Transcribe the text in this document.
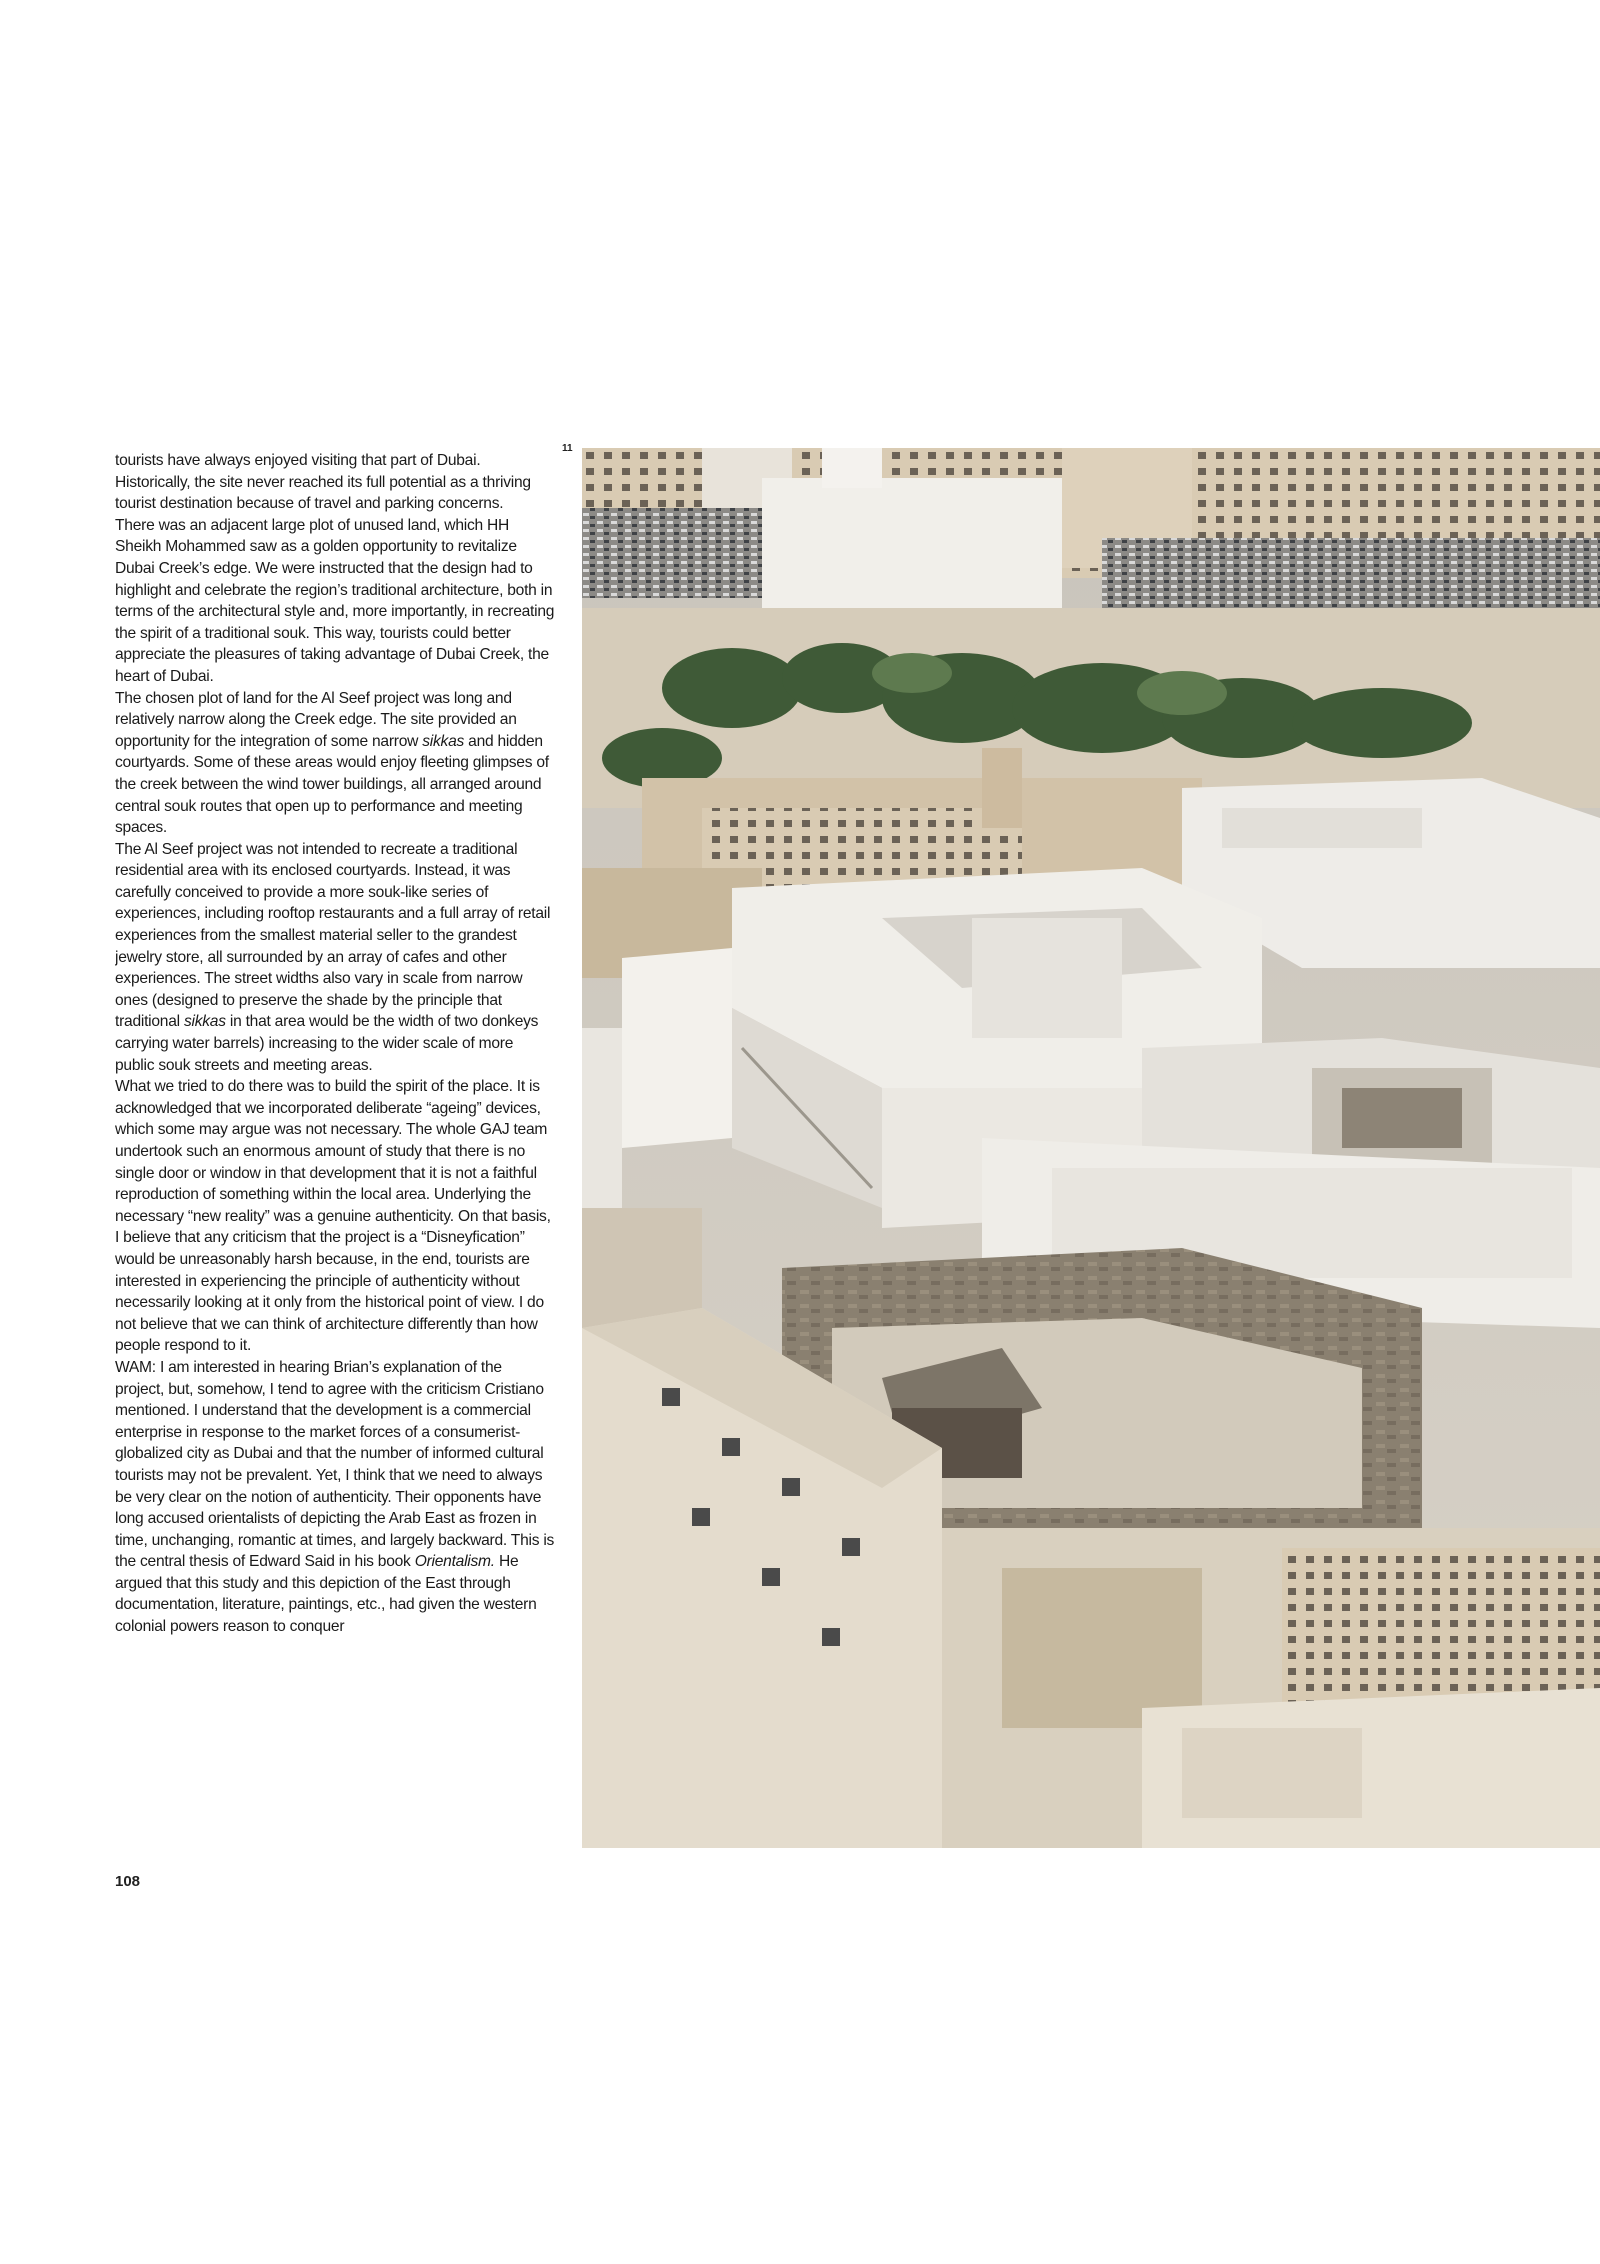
tourists have always enjoyed visiting that part of Dubai. Historically, the site never reached its full potential as a thriving tourist destination because of travel and parking concerns.

There was an adjacent large plot of unused land, which HH Sheikh Mohammed saw as a golden opportunity to revitalize Dubai Creek’s edge. We were instructed that the design had to highlight and celebrate the region’s traditional architecture, both in terms of the architectural style and, more importantly, in recreating the spirit of a traditional souk. This way, tourists could better appreciate the pleasures of taking advantage of Dubai Creek, the heart of Dubai.

The chosen plot of land for the Al Seef project was long and relatively narrow along the Creek edge. The site provided an opportunity for the integration of some narrow sikkas and hidden courtyards. Some of these areas would enjoy fleeting glimpses of the creek between the wind tower buildings, all arranged around central souk routes that open up to performance and meeting spaces.

The Al Seef project was not intended to recreate a traditional residential area with its enclosed courtyards. Instead, it was carefully conceived to provide a more souk-like series of experiences, including rooftop restaurants and a full array of retail experiences from the smallest material seller to the grandest jewelry store, all surrounded by an array of cafes and other experiences. The street widths also vary in scale from narrow ones (designed to preserve the shade by the principle that traditional sikkas in that area would be the width of two donkeys carrying water barrels) increasing to the wider scale of more public souk streets and meeting areas.

What we tried to do there was to build the spirit of the place. It is acknowledged that we incorporated deliberate “ageing” devices, which some may argue was not necessary. The whole GAJ team undertook such an enormous amount of study that there is no single door or window in that development that it is not a faithful reproduction of something within the local area. Underlying the necessary “new reality” was a genuine authenticity. On that basis, I believe that any criticism that the project is a “Disneyfication” would be unreasonably harsh because, in the end, tourists are interested in experiencing the principle of authenticity without necessarily looking at it only from the historical point of view. I do not believe that we can think of architecture differently than how people respond to it.

WAM: I am interested in hearing Brian’s explanation of the project, but, somehow, I tend to agree with the criticism Cristiano mentioned. I understand that the development is a commercial enterprise in response to the market forces of a consumerist-globalized city as Dubai and that the number of informed cultural tourists may not be prevalent. Yet, I think that we need to always be very clear on the notion of authenticity. Their opponents have long accused orientalists of depicting the Arab East as frozen in time, unchanging, romantic at times, and largely backward. This is the central thesis of Edward Said in his book Orientalism. He argued that this study and this depiction of the East through documentation, literature, paintings, etc., had given the western colonial powers reason to conquer

11
108
